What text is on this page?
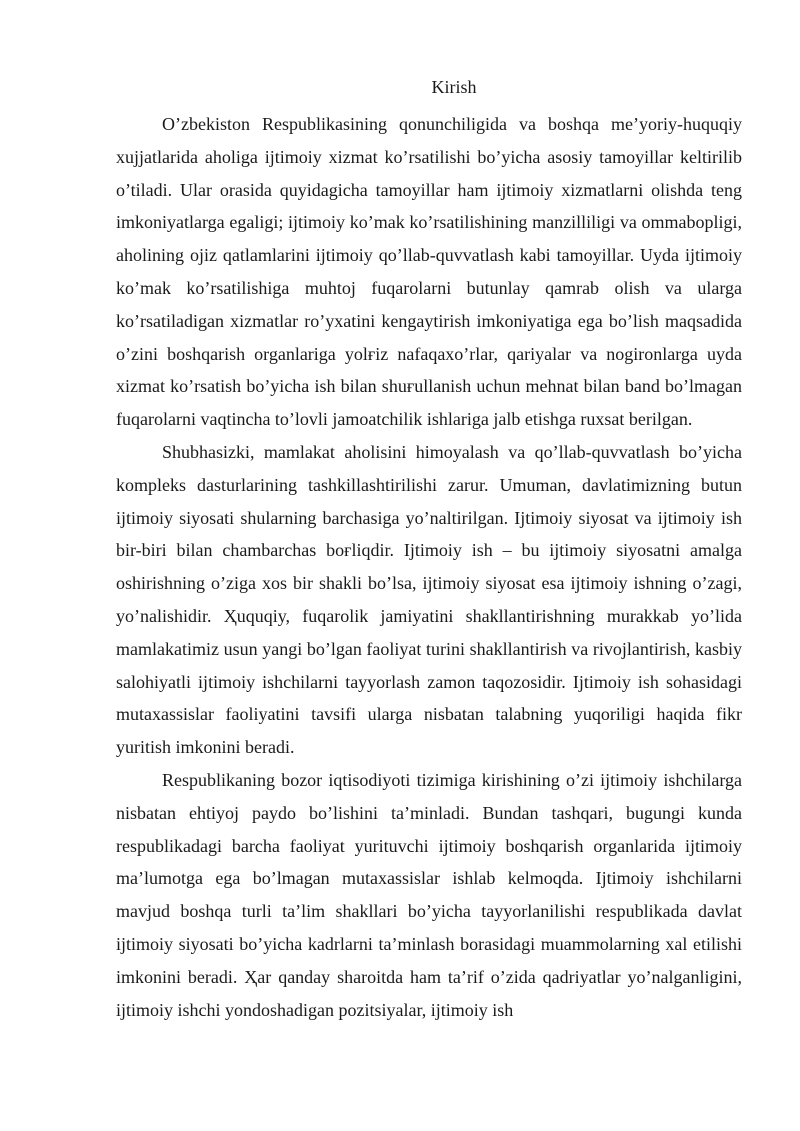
Kirish

O’zbekiston Respublikasining qonunchiligida va boshqa me’yoriy-huquqiy xujjatlarida aholiga ijtimoiy xizmat ko’rsatilishi bo’yicha asosiy tamoyillar keltirilib o’tiladi. Ular orasida quyidagicha tamoyillar ham ijtimoiy xizmatlarni olishda teng imkoniyatlarga egaligi; ijtimoiy ko’mak ko’rsatilishining manzilliligi va ommabopligi, aholining ojiz qatlamlarini ijtimoiy qo’llab-quvvatlash kabi tamoyillar. Uyda ijtimoiy ko’mak ko’rsatilishiga muhtoj fuqarolarni butunlay qamrab olish va ularga ko’rsatiladigan xizmatlar ro’yxatini kengaytirish imkoniyatiga ega bo’lish maqsadida o’zini boshqarish organlariga yolғiz nafaqaxo’rlar, qariyalar va nogironlarga uyda xizmat ko’rsatish bo’yicha ish bilan shuғullanish uchun mehnat bilan band bo’lmagan fuqarolarni vaqtincha to’lovli jamoatchilik ishlariga jalb etishga ruxsat berilgan.

Shubhasizki, mamlakat aholisini himoyalash va qo’llab-quvvatlash bo’yicha kompleks dasturlarining tashkillashtirilishi zarur. Umuman, davlatimizning butun ijtimoiy siyosati shularning barchasiga yo’naltirilgan. Ijtimoiy siyosat va ijtimoiy ish bir-biri bilan chambarchas boғliqdir. Ijtimoiy ish – bu ijtimoiy siyosatni amalga oshirishning o’ziga xos bir shakli bo’lsa, ijtimoiy siyosat esa ijtimoiy ishning o’zagi, yo’nalishidir. Ҳuquqiy, fuqarolik jamiyatini shakllantirishning murakkab yo’lida mamlakatimiz usun yangi bo’lgan faoliyat turini shakllantirish va rivojlantirish, kasbiy salohiyatli ijtimoiy ishchilarni tayyorlash zamon taqozosidir. Ijtimoiy ish sohasidagi mutaxassislar faoliyatini tavsifi ularga nisbatan talabning yuqoriligi haqida fikr yuritish imkonini beradi.

Respublikaning bozor iqtisodiyoti tizimiga kirishining o’zi ijtimoiy ishchilarga nisbatan ehtiyoj paydo bo’lishini ta’minladi. Bundan tashqari, bugungi kunda respublikadagi barcha faoliyat yurituvchi ijtimoiy boshqarish organlarida ijtimoiy ma’lumotga ega bo’lmagan mutaxassislar ishlab kelmoqda. Ijtimoiy ishchilarni mavjud boshqa turli ta’lim shakllari bo’yicha tayyorlanilishi respublikada davlat ijtimoiy siyosati bo’yicha kadrlarni ta’minlash borasidagi muammolarning xal etilishi imkonini beradi. Ҳar qanday sharoitda ham ta’rif o’zida qadriyatlar yo’nalganligini, ijtimoiy ishchi yondoshadigan pozitsiyalar, ijtimoiy ish
